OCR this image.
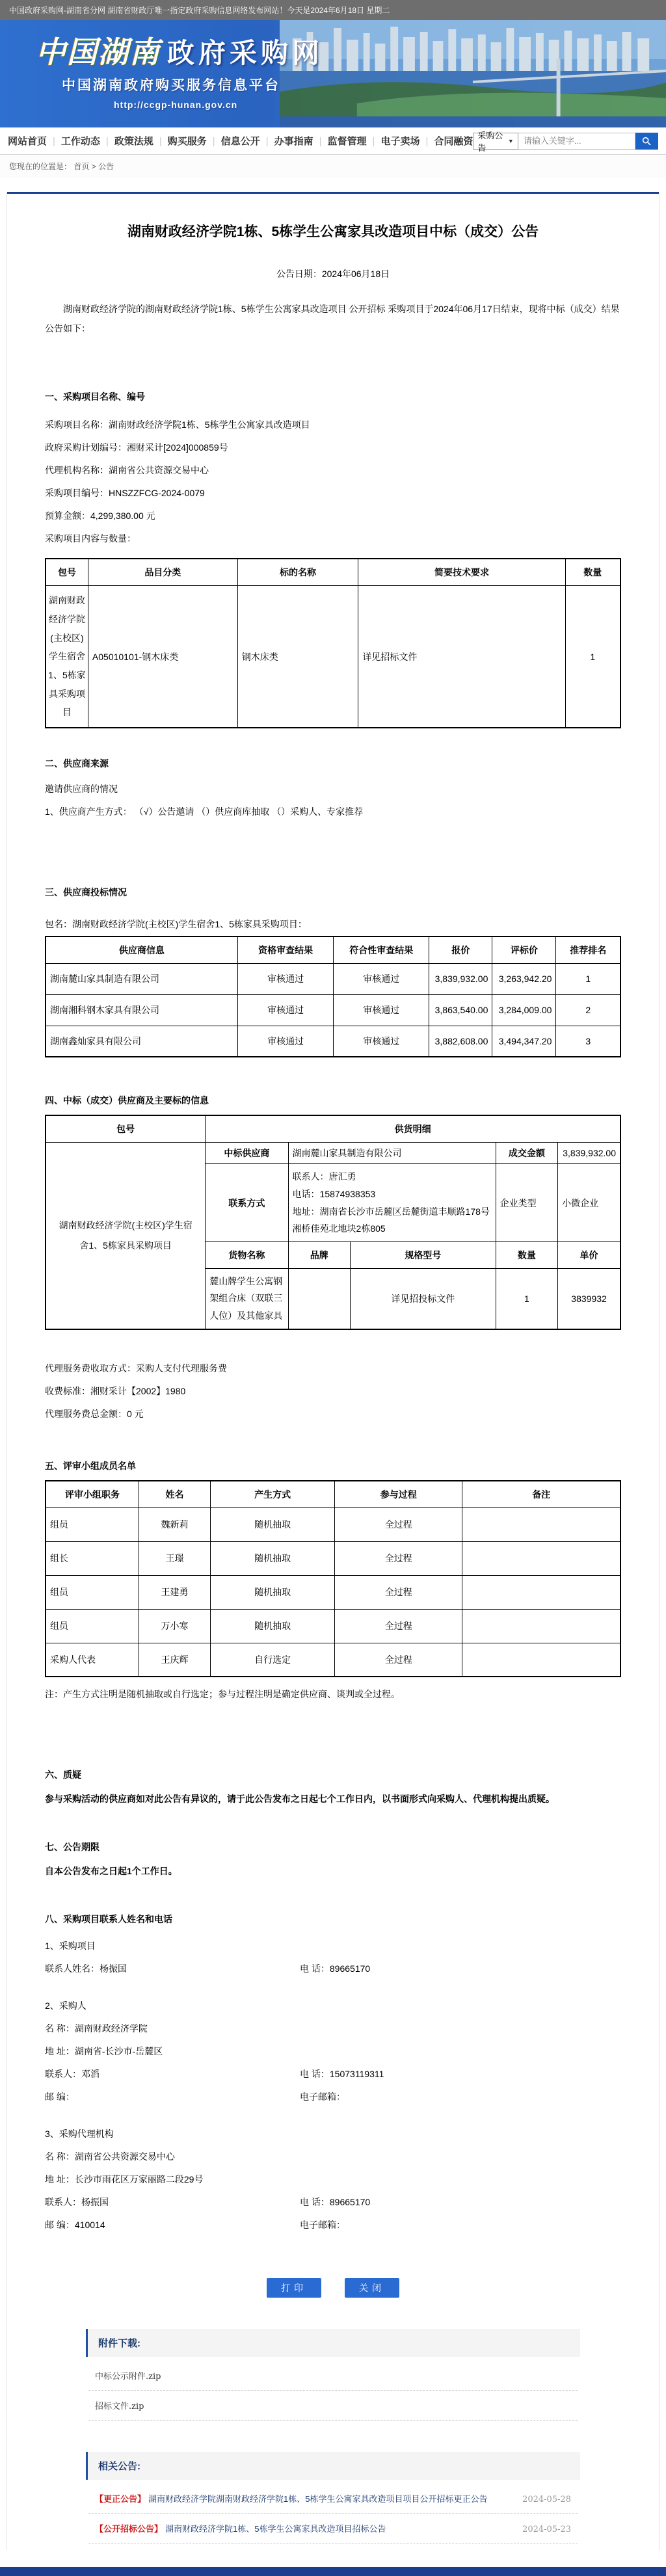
中国政府采购网-湖南省分网 湖南省财政厅唯一指定政府采购信息网络发布网站！今天是2024年6月18日 星期二
中国湖南 政府采购网
中国湖南政府购买服务信息平台
http://ccgp-hunan.gov.cn
网站首页 |	工作动态 |	政策法规 |	购买服务 |	信息公开 |	办事指南 |	监督管理 |	电子卖场 |	合同融资
采购公告
▼
请输入关键字...
您现在的位置是： 首页 > 公告
湖南财政经济学院1栋、5栋学生公寓家具改造项目中标（成交）公告
公告日期：2024年06月18日

湖南财政经济学院的湖南财政经济学院1栋、5栋学生公寓家具改造项目 公开招标 采购项目于2024年06月17日结束，现将中标（成交）结果公告如下：

一、采购项目名称、编号
采购项目名称：湖南财政经济学院1栋、5栋学生公寓家具改造项目
政府采购计划编号：湘财采计[2024]000859号
代理机构名称：湖南省公共资源交易中心
采购项目编号：HNSZZFCG-2024-0079
预算金额：4,299,380.00 元
采购项目内容与数量：
包号	品目分类	标的名称	简要技术要求	数量
湖南财政经济学院(主校区)学生宿舍1、5栋家具采购项目	A05010101-钢木床类	钢木床类	详见招标文件	1
二、供应商来源
邀请供应商的情况
1、供应商产生方式： （√）公告邀请 （）供应商库抽取 （）采购人、专家推荐
三、供应商投标情况
包名：湖南财政经济学院(主校区)学生宿舍1、5栋家具采购项目：
供应商信息	资格审查结果	符合性审查结果	报价	评标价	推荐排名
湖南麓山家具制造有限公司	审核通过	审核通过	3,839,932.00	3,263,942.20	1
湖南湘科钢木家具有限公司	审核通过	审核通过	3,863,540.00	3,284,009.00	2
湖南鑫灿家具有限公司	审核通过	审核通过	3,882,608.00	3,494,347.20	3
四、中标（成交）供应商及主要标的信息
包号	供货明细				
湖南财政经济学院(主校区)学生宿舍1、5栋家具采购项目	中标供应商	湖南麓山家具制造有限公司		成交金额	3,839,932.00
	联系方式	联系人：唐汇勇
电话：15874938353
地址：湖南省长沙市岳麓区岳麓街道丰顺路178号湘桥佳苑北地块2栋805		企业类型	小微企业
	货物名称	品牌	规格型号	数量	单价
	麓山牌学生公寓钢架组合床（双联三人位）及其他家具		详见招投标文件	1	3839932
代理服务费收取方式：采购人支付代理服务费
收费标准：湘财采计【2002】1980
代理服务费总金额：0 元
五、评审小组成员名单
评审小组职务	姓名	产生方式	参与过程	备注
组员	魏新莉	随机抽取	全过程	
组长	王璟	随机抽取	全过程	
组员	王建勇	随机抽取	全过程	
组员	万小寒	随机抽取	全过程	
采购人代表	王庆辉	自行选定	全过程	
注：产生方式注明是随机抽取或自行选定；参与过程注明是确定供应商、谈判或全过程。
六、质疑
参与采购活动的供应商如对此公告有异议的，请于此公告发布之日起七个工作日内，以书面形式向采购人、代理机构提出质疑。
七、公告期限
自本公告发布之日起1个工作日。
八、采购项目联系人姓名和电话
1、采购项目
联系人姓名：杨振国	电 话：89665170
2、采购人
名 称：湖南财政经济学院
地 址：湖南省-长沙市-岳麓区
联系人：邓滔	电 话：15073119311
邮 编：	电子邮箱：
3、采购代理机构
名 称：湖南省公共资源交易中心
地 址：长沙市雨花区万家丽路二段29号
联系人：杨振国	电 话：89665170
邮 编：410014	电子邮箱：
打印	关闭
附件下载:
中标公示附件.zip
招标文件.zip
相关公告:
【更正公告】 湖南财政经济学院湖南财政经济学院1栋、5栋学生公寓家具改造项目项目公开招标更正公告	2024-05-28
【公开招标公告】 湖南财政经济学院1栋、5栋学生公寓家具改造项目招标公告	2024-05-23
